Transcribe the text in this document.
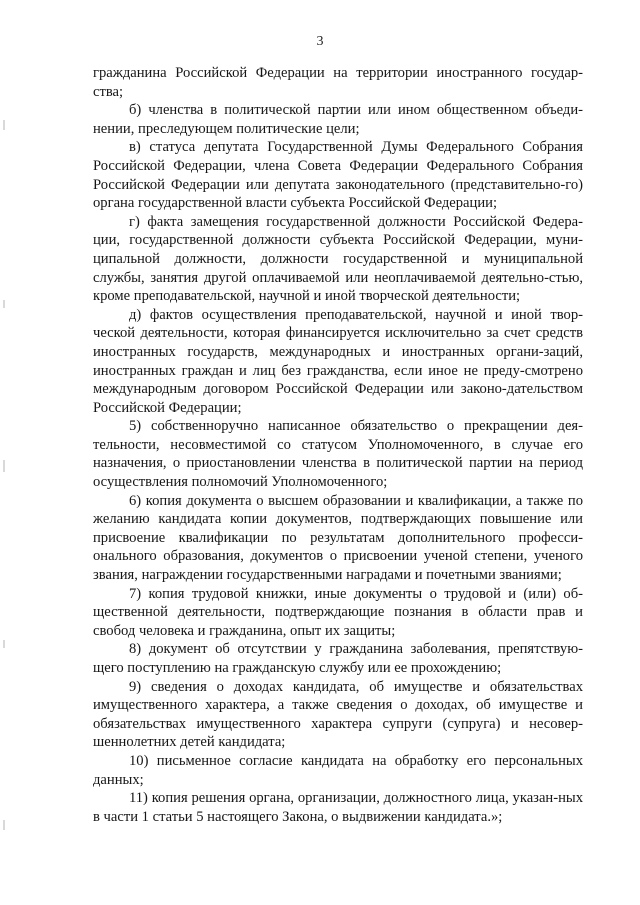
3

гражданина Российской Федерации на территории иностранного государ-ства;

б) членства в политической партии или ином общественном объеди-нении, преследующем политические цели;

в) статуса депутата Государственной Думы Федерального Собрания Российской Федерации, члена Совета Федерации Федерального Собрания Российской Федерации или депутата законодательного (представительно-го) органа государственной власти субъекта Российской Федерации;

г) факта замещения государственной должности Российской Федера-ции, государственной должности субъекта Российской Федерации, муни-ципальной должности, должности государственной и муниципальной службы, занятия другой оплачиваемой или неоплачиваемой деятельно-стью, кроме преподавательской, научной и иной творческой деятельности;

д) фактов осуществления преподавательской, научной и иной твор-ческой деятельности, которая финансируется исключительно за счет средств иностранных государств, международных и иностранных органи-заций, иностранных граждан и лиц без гражданства, если иное не преду-смотрено международным договором Российской Федерации или законо-дательством Российской Федерации;

5) собственноручно написанное обязательство о прекращении дея-тельности, несовместимой со статусом Уполномоченного, в случае его назначения, о приостановлении членства в политической партии на период осуществления полномочий Уполномоченного;

6) копия документа о высшем образовании и квалификации, а также по желанию кандидата копии документов, подтверждающих повышение или присвоение квалификации по результатам дополнительного професси-онального образования, документов о присвоении ученой степени, ученого звания, награждении государственными наградами и почетными званиями;

7) копия трудовой книжки, иные документы о трудовой и (или) об-щественной деятельности, подтверждающие познания в области прав и свобод человека и гражданина, опыт их защиты;

8) документ об отсутствии у гражданина заболевания, препятствую-щего поступлению на гражданскую службу или ее прохождению;

9) сведения о доходах кандидата, об имуществе и обязательствах имущественного характера, а также сведения о доходах, об имуществе и обязательствах имущественного характера супруги (супруга) и несовер-шеннолетних детей кандидата;

10) письменное согласие кандидата на обработку его персональных данных;

11) копия решения органа, организации, должностного лица, указан-ных в части 1 статьи 5 настоящего Закона, о выдвижении кандидата.»;
